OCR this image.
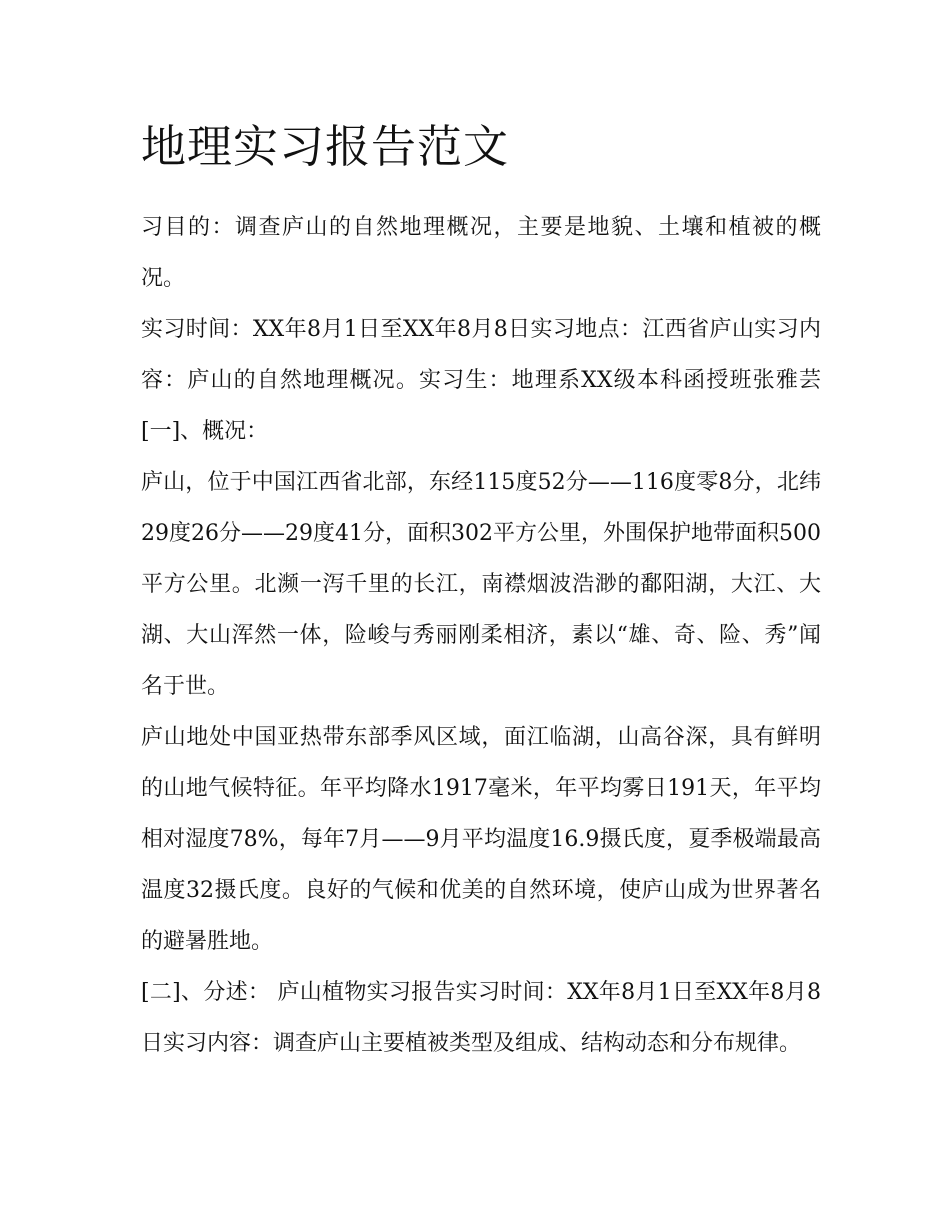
地理实习报告范文

习目的：调查庐山的自然地理概况，主要是地貌、土壤和植被的概况。

实习时间：XX年8月1日至XX年8月8日实习地点：江西省庐山实习内容：庐山的自然地理概况。实习生：地理系XX级本科函授班张雅芸 [一]、概况：

庐山，位于中国江西省北部，东经115度52分——116度零8分，北纬29度26分——29度41分，面积302平方公里，外围保护地带面积500平方公里。北濒一泻千里的长江，南襟烟波浩渺的鄱阳湖，大江、大湖、大山浑然一体，险峻与秀丽刚柔相济，素以“雄、奇、险、秀”闻名于世。

庐山地处中国亚热带东部季风区域，面江临湖，山高谷深，具有鲜明的山地气候特征。年平均降水1917毫米，年平均雾日191天，年平均相对湿度78%，每年7月——9月平均温度16.9摄氏度，夏季极端最高温度32摄氏度。良好的气候和优美的自然环境，使庐山成为世界著名的避暑胜地。

[二]、分述： 庐山植物实习报告实习时间：XX年8月1日至XX年8月8日实习内容：调查庐山主要植被类型及组成、结构动态和分布规律。
